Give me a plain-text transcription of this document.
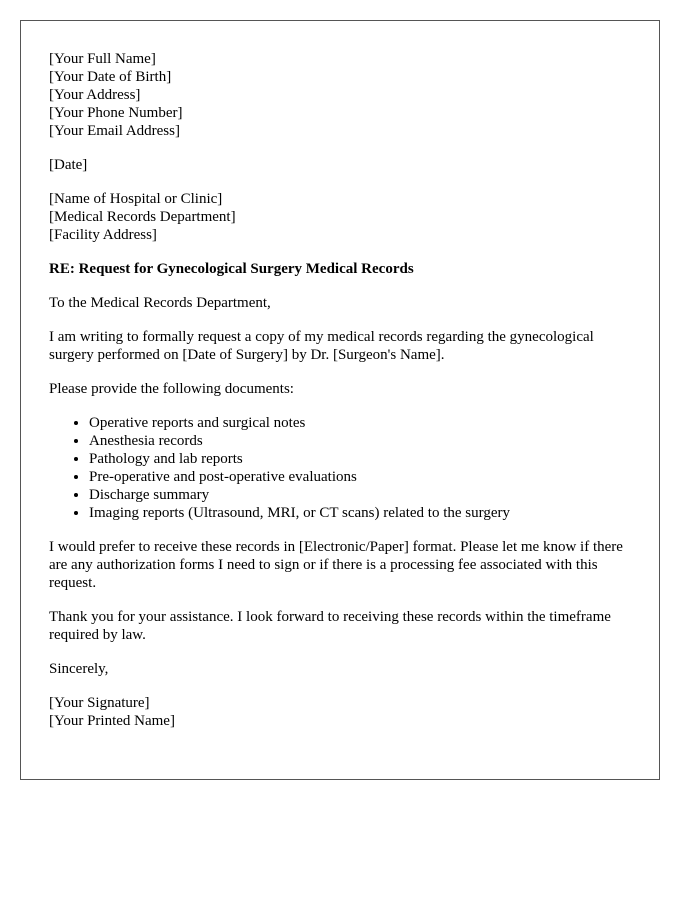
[Your Full Name]
[Your Date of Birth]
[Your Address]
[Your Phone Number]
[Your Email Address]
[Date]
[Name of Hospital or Clinic]
[Medical Records Department]
[Facility Address]

RE: Request for Gynecological Surgery Medical Records

To the Medical Records Department,

I am writing to formally request a copy of my medical records regarding the gynecological surgery performed on [Date of Surgery] by Dr. [Surgeon's Name].

Please provide the following documents:

• Operative reports and surgical notes
• Anesthesia records
• Pathology and lab reports
• Pre-operative and post-operative evaluations
• Discharge summary
• Imaging reports (Ultrasound, MRI, or CT scans) related to the surgery

I would prefer to receive these records in [Electronic/Paper] format. Please let me know if there are any authorization forms I need to sign or if there is a processing fee associated with this request.

Thank you for your assistance. I look forward to receiving these records within the timeframe required by law.

Sincerely,

[Your Signature]
[Your Printed Name]
